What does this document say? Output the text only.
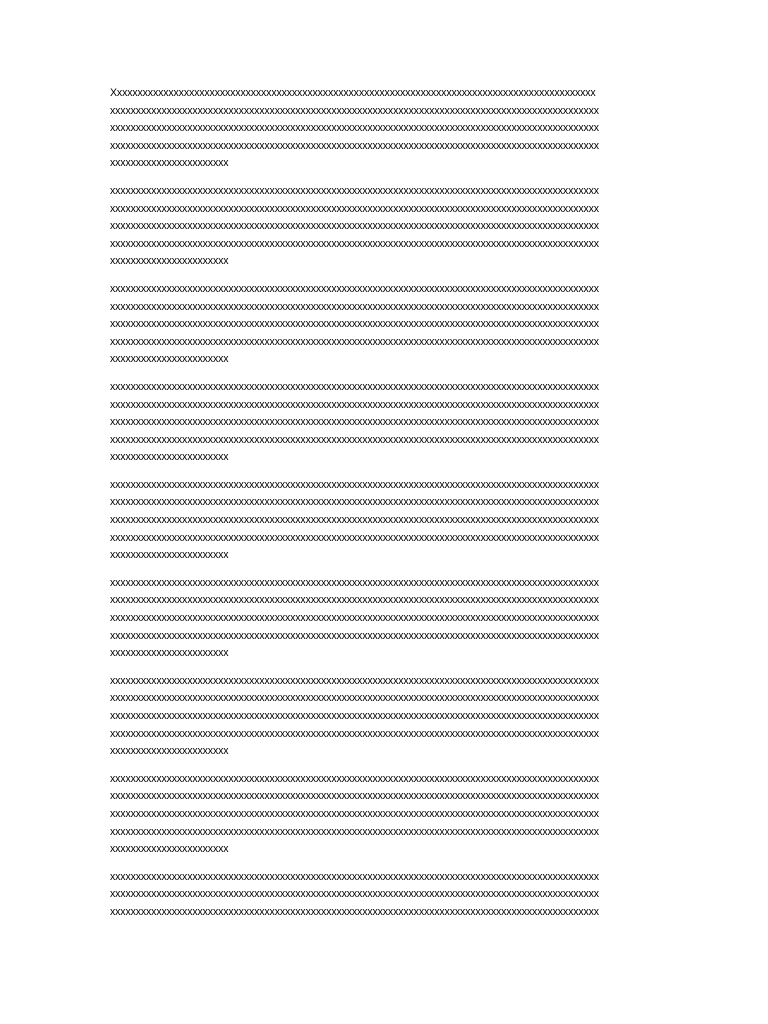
Xxxxxxxxxxxxxxxxxxxxxxxxxxxxxxxxxxxxxxxxxxxxxxxxxxxxxxxxxxxxxxxxxxxxxxxxxxxxxxxxxxxxxxxxxxxxxx
xxxxxxxxxxxxxxxxxxxxxxxxxxxxxxxxxxxxxxxxxxxxxxxxxxxxxxxxxxxxxxxxxxxxxxxxxxxxxxxxxxxxxxxxxxxxxxx
xxxxxxxxxxxxxxxxxxxxxxxxxxxxxxxxxxxxxxxxxxxxxxxxxxxxxxxxxxxxxxxxxxxxxxxxxxxxxxxxxxxxxxxxxxxxxxx
xxxxxxxxxxxxxxxxxxxxxxxxxxxxxxxxxxxxxxxxxxxxxxxxxxxxxxxxxxxxxxxxxxxxxxxxxxxxxxxxxxxxxxxxxxxxxxx
xxxxxxxxxxxxxxxxxxxxxxx
xxxxxxxxxxxxxxxxxxxxxxxxxxxxxxxxxxxxxxxxxxxxxxxxxxxxxxxxxxxxxxxxxxxxxxxxxxxxxxxxxxxxxxxxxxxxxxx
xxxxxxxxxxxxxxxxxxxxxxxxxxxxxxxxxxxxxxxxxxxxxxxxxxxxxxxxxxxxxxxxxxxxxxxxxxxxxxxxxxxxxxxxxxxxxxx
xxxxxxxxxxxxxxxxxxxxxxxxxxxxxxxxxxxxxxxxxxxxxxxxxxxxxxxxxxxxxxxxxxxxxxxxxxxxxxxxxxxxxxxxxxxxxxx
xxxxxxxxxxxxxxxxxxxxxxxxxxxxxxxxxxxxxxxxxxxxxxxxxxxxxxxxxxxxxxxxxxxxxxxxxxxxxxxxxxxxxxxxxxxxxxx
xxxxxxxxxxxxxxxxxxxxxxx
xxxxxxxxxxxxxxxxxxxxxxxxxxxxxxxxxxxxxxxxxxxxxxxxxxxxxxxxxxxxxxxxxxxxxxxxxxxxxxxxxxxxxxxxxxxxxxx
xxxxxxxxxxxxxxxxxxxxxxxxxxxxxxxxxxxxxxxxxxxxxxxxxxxxxxxxxxxxxxxxxxxxxxxxxxxxxxxxxxxxxxxxxxxxxxx
xxxxxxxxxxxxxxxxxxxxxxxxxxxxxxxxxxxxxxxxxxxxxxxxxxxxxxxxxxxxxxxxxxxxxxxxxxxxxxxxxxxxxxxxxxxxxxx
xxxxxxxxxxxxxxxxxxxxxxxxxxxxxxxxxxxxxxxxxxxxxxxxxxxxxxxxxxxxxxxxxxxxxxxxxxxxxxxxxxxxxxxxxxxxxxx
xxxxxxxxxxxxxxxxxxxxxxx
xxxxxxxxxxxxxxxxxxxxxxxxxxxxxxxxxxxxxxxxxxxxxxxxxxxxxxxxxxxxxxxxxxxxxxxxxxxxxxxxxxxxxxxxxxxxxxx
xxxxxxxxxxxxxxxxxxxxxxxxxxxxxxxxxxxxxxxxxxxxxxxxxxxxxxxxxxxxxxxxxxxxxxxxxxxxxxxxxxxxxxxxxxxxxxx
xxxxxxxxxxxxxxxxxxxxxxxxxxxxxxxxxxxxxxxxxxxxxxxxxxxxxxxxxxxxxxxxxxxxxxxxxxxxxxxxxxxxxxxxxxxxxxx
xxxxxxxxxxxxxxxxxxxxxxxxxxxxxxxxxxxxxxxxxxxxxxxxxxxxxxxxxxxxxxxxxxxxxxxxxxxxxxxxxxxxxxxxxxxxxxx
xxxxxxxxxxxxxxxxxxxxxxx
xxxxxxxxxxxxxxxxxxxxxxxxxxxxxxxxxxxxxxxxxxxxxxxxxxxxxxxxxxxxxxxxxxxxxxxxxxxxxxxxxxxxxxxxxxxxxxx
xxxxxxxxxxxxxxxxxxxxxxxxxxxxxxxxxxxxxxxxxxxxxxxxxxxxxxxxxxxxxxxxxxxxxxxxxxxxxxxxxxxxxxxxxxxxxxx
xxxxxxxxxxxxxxxxxxxxxxxxxxxxxxxxxxxxxxxxxxxxxxxxxxxxxxxxxxxxxxxxxxxxxxxxxxxxxxxxxxxxxxxxxxxxxxx
xxxxxxxxxxxxxxxxxxxxxxxxxxxxxxxxxxxxxxxxxxxxxxxxxxxxxxxxxxxxxxxxxxxxxxxxxxxxxxxxxxxxxxxxxxxxxxx
xxxxxxxxxxxxxxxxxxxxxxx
xxxxxxxxxxxxxxxxxxxxxxxxxxxxxxxxxxxxxxxxxxxxxxxxxxxxxxxxxxxxxxxxxxxxxxxxxxxxxxxxxxxxxxxxxxxxxxx
xxxxxxxxxxxxxxxxxxxxxxxxxxxxxxxxxxxxxxxxxxxxxxxxxxxxxxxxxxxxxxxxxxxxxxxxxxxxxxxxxxxxxxxxxxxxxxx
xxxxxxxxxxxxxxxxxxxxxxxxxxxxxxxxxxxxxxxxxxxxxxxxxxxxxxxxxxxxxxxxxxxxxxxxxxxxxxxxxxxxxxxxxxxxxxx
xxxxxxxxxxxxxxxxxxxxxxxxxxxxxxxxxxxxxxxxxxxxxxxxxxxxxxxxxxxxxxxxxxxxxxxxxxxxxxxxxxxxxxxxxxxxxxx
xxxxxxxxxxxxxxxxxxxxxxx
xxxxxxxxxxxxxxxxxxxxxxxxxxxxxxxxxxxxxxxxxxxxxxxxxxxxxxxxxxxxxxxxxxxxxxxxxxxxxxxxxxxxxxxxxxxxxxx
xxxxxxxxxxxxxxxxxxxxxxxxxxxxxxxxxxxxxxxxxxxxxxxxxxxxxxxxxxxxxxxxxxxxxxxxxxxxxxxxxxxxxxxxxxxxxxx
xxxxxxxxxxxxxxxxxxxxxxxxxxxxxxxxxxxxxxxxxxxxxxxxxxxxxxxxxxxxxxxxxxxxxxxxxxxxxxxxxxxxxxxxxxxxxxx
xxxxxxxxxxxxxxxxxxxxxxxxxxxxxxxxxxxxxxxxxxxxxxxxxxxxxxxxxxxxxxxxxxxxxxxxxxxxxxxxxxxxxxxxxxxxxxx
xxxxxxxxxxxxxxxxxxxxxxx
xxxxxxxxxxxxxxxxxxxxxxxxxxxxxxxxxxxxxxxxxxxxxxxxxxxxxxxxxxxxxxxxxxxxxxxxxxxxxxxxxxxxxxxxxxxxxxx
xxxxxxxxxxxxxxxxxxxxxxxxxxxxxxxxxxxxxxxxxxxxxxxxxxxxxxxxxxxxxxxxxxxxxxxxxxxxxxxxxxxxxxxxxxxxxxx
xxxxxxxxxxxxxxxxxxxxxxxxxxxxxxxxxxxxxxxxxxxxxxxxxxxxxxxxxxxxxxxxxxxxxxxxxxxxxxxxxxxxxxxxxxxxxxx
xxxxxxxxxxxxxxxxxxxxxxxxxxxxxxxxxxxxxxxxxxxxxxxxxxxxxxxxxxxxxxxxxxxxxxxxxxxxxxxxxxxxxxxxxxxxxxx
xxxxxxxxxxxxxxxxxxxxxxx
xxxxxxxxxxxxxxxxxxxxxxxxxxxxxxxxxxxxxxxxxxxxxxxxxxxxxxxxxxxxxxxxxxxxxxxxxxxxxxxxxxxxxxxxxxxxxxx
xxxxxxxxxxxxxxxxxxxxxxxxxxxxxxxxxxxxxxxxxxxxxxxxxxxxxxxxxxxxxxxxxxxxxxxxxxxxxxxxxxxxxxxxxxxxxxx
xxxxxxxxxxxxxxxxxxxxxxxxxxxxxxxxxxxxxxxxxxxxxxxxxxxxxxxxxxxxxxxxxxxxxxxxxxxxxxxxxxxxxxxxxxxxxxx
